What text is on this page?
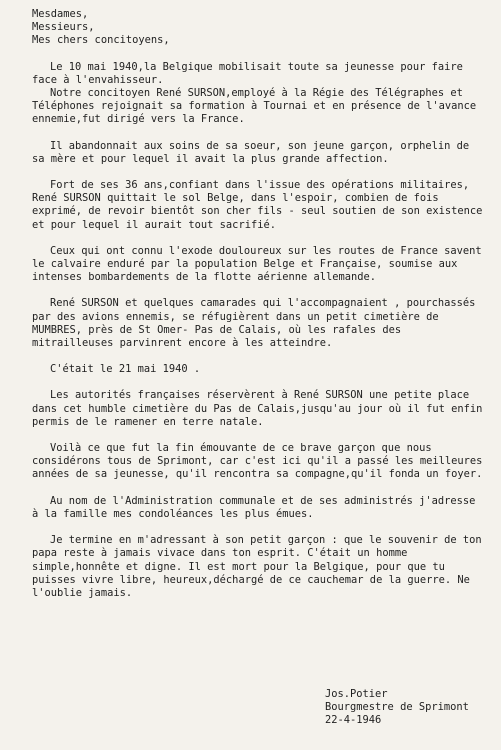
Mesdames,

Messieurs,

Mes chers concitoyens,

Le 10 mai 1940,la Belgique mobilisait toute sa jeunesse pour faire face à l'envahisseur.

Notre concitoyen René SURSON,employé à la Régie des Télégraphes et Téléphones rejoignait sa formation à Tournai et en présence de l'avance ennemie,fut dirigé vers la France.

Il abandonnait aux soins de sa soeur, son jeune garçon, orphelin de sa mère et pour lequel il avait la plus grande affection.

Fort de ses 36 ans,confiant dans l'issue des opérations militaires, René SURSON quittait le sol Belge, dans l'espoir, combien de fois exprimé, de revoir bientôt son cher fils - seul soutien de son existence et pour lequel il aurait tout sacrifié.

Ceux qui ont connu l'exode douloureux sur les routes de France savent le calvaire enduré par la population Belge et Française, soumise aux intenses bombardements de la flotte aérienne allemande.

René SURSON et quelques camarades qui l'accompagnaient , pourchassés par des avions ennemis, se réfugièrent dans un petit cimetière de MUMBRES, près de St Omer- Pas de Calais, où les rafales des mitrailleuses parvinrent encore à les atteindre.

C'était le 21 mai 1940 .

Les autorités françaises réservèrent à René SURSON une petite place dans cet humble cimetière du Pas de Calais,jusqu'au jour où il fut enfin permis de le ramener en terre natale.

Voilà ce que fut la fin émouvante de ce brave garçon que nous considérons tous de Sprimont, car c'est ici qu'il a passé les meilleures années de sa jeunesse, qu'il rencontra sa compagne,qu'il fonda un foyer.

Au nom de l'Administration communale et de ses administrés j'adresse à la famille mes condoléances les plus émues.

Je termine en m'adressant à son petit garçon : que le souvenir de ton papa reste à jamais vivace dans ton esprit. C'était un homme simple,honnête et digne. Il est mort pour la Belgique, pour que tu puisses vivre libre, heureux,déchargé de ce cauchemar de la guerre. Ne l'oublie jamais.

Jos.Potier

Bourgmestre de Sprimont

22-4-1946
